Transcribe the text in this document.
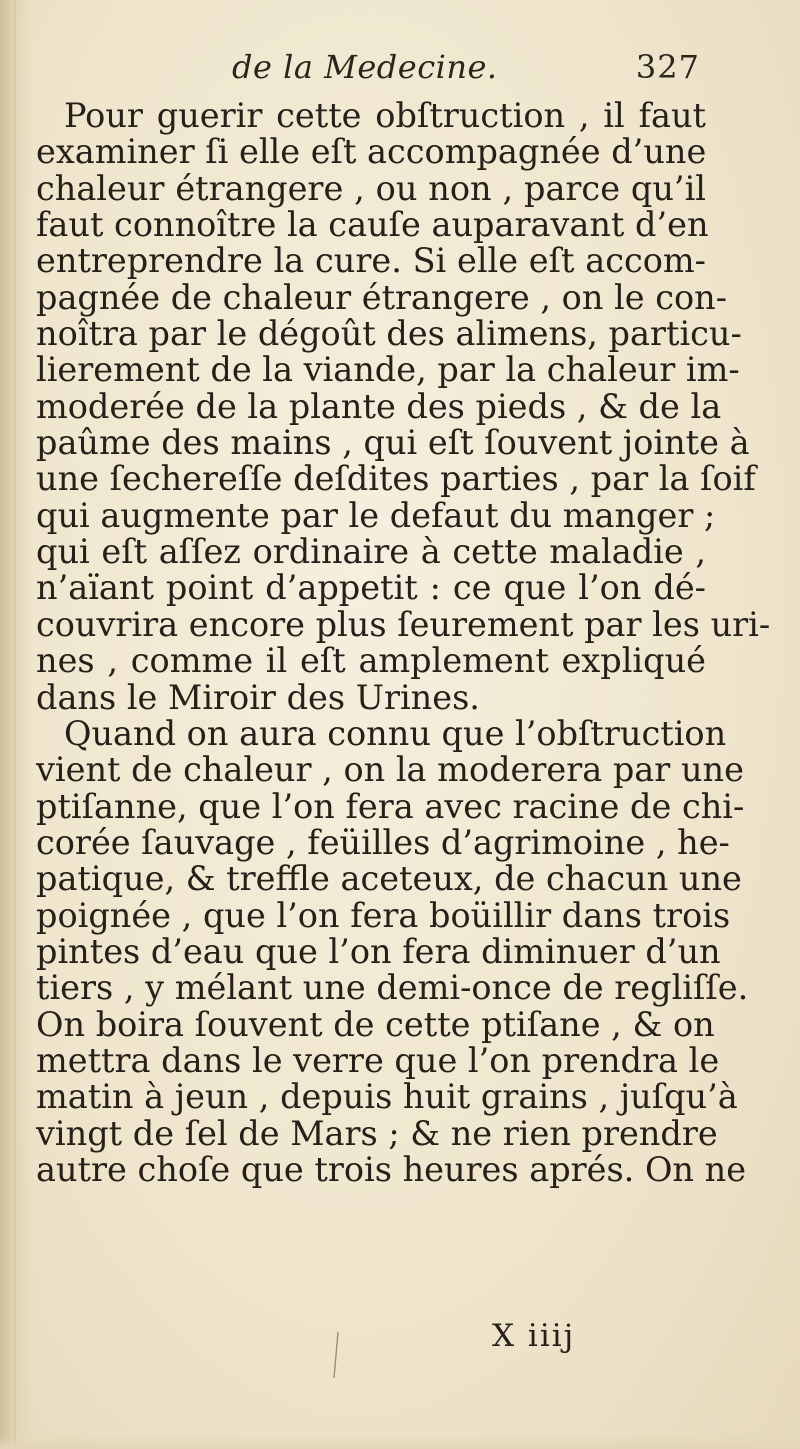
de la Medecine.	327
Pour guerir cette obſtruction , il faut
examiner ſi elle eſt accompagnée d’une
chaleur étrangere , ou non , parce qu’il
faut connoître la cauſe auparavant d’en
entreprendre la cure. Si elle eſt accom-
pagnée de chaleur étrangere , on le con-
noîtra par le dégoût des alimens, particu-
lierement de la viande, par la chaleur im-
moderée de la plante des pieds , & de la
paûme des mains , qui eſt ſouvent jointe à
une ſechereſſe deſdites parties , par la ſoif
qui augmente par le defaut du manger ;
qui eſt aſſez ordinaire à cette maladie ,
n’aïant point d’appetit : ce que l’on dé-
couvrira encore plus ſeurement par les uri-
nes , comme il eſt amplement expliqué
dans le Miroir des Urines.
Quand on aura connu que l’obſtruction
vient de chaleur , on la moderera par une
ptiſanne, que l’on fera avec racine de chi-
corée ſauvage , feüilles d’agrimoine , he-
patique, & treffle aceteux, de chacun une
poignée , que l’on fera boüillir dans trois
pintes d’eau que l’on fera diminuer d’un
tiers , y mélant une demi-once de regliſſe.
On boira ſouvent de cette ptiſane , & on
mettra dans le verre que l’on prendra le
matin à jeun , depuis huit grains , juſqu’à
vingt de ſel de Mars ; & ne rien prendre
autre choſe que trois heures aprés. On ne
X iiij
